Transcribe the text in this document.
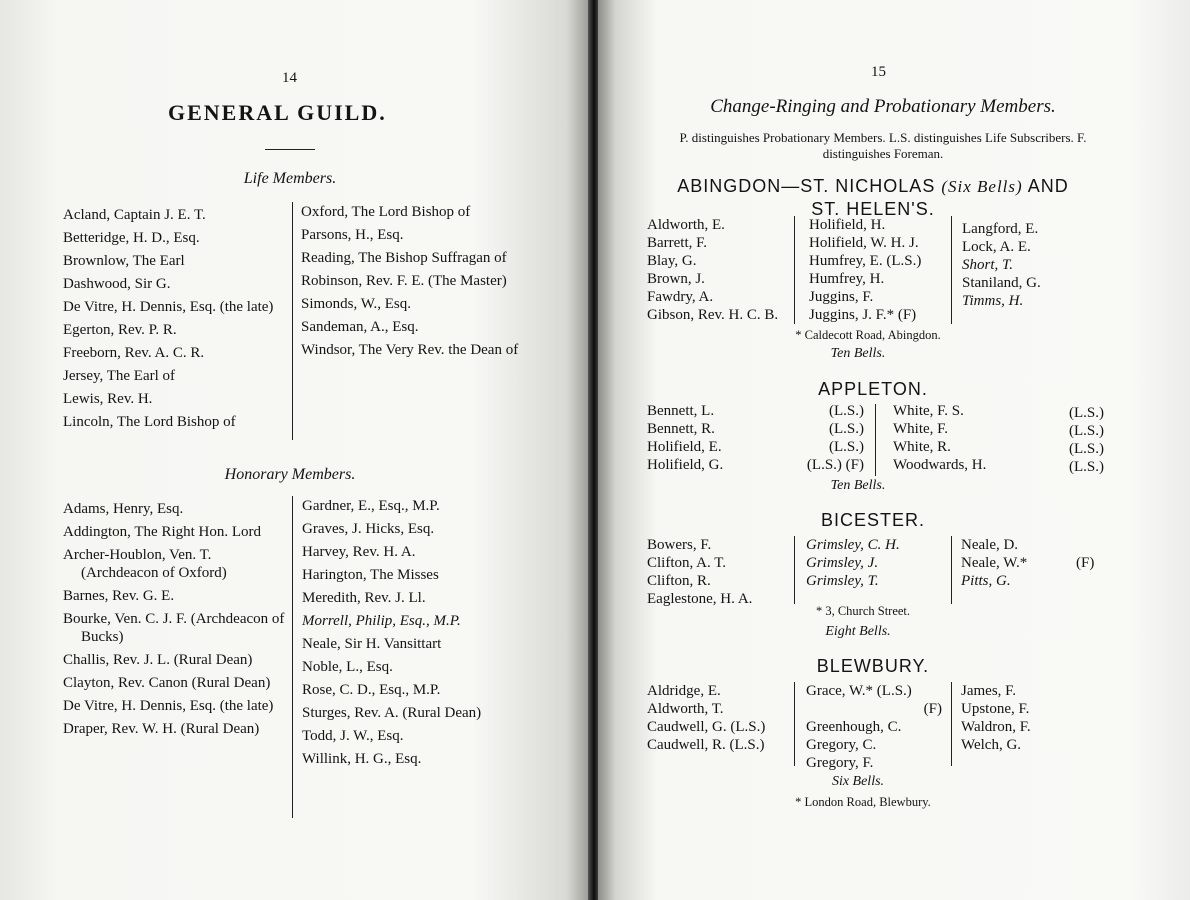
14
GENERAL GUILD.
Life Members.
Acland, Captain J. E. T.
Betteridge, H. D., Esq.
Brownlow, The Earl
Dashwood, Sir G.
De Vitre, H. Dennis, Esq. (the late)
Egerton, Rev. P. R.
Freeborn, Rev. A. C. R.
Jersey, The Earl of
Lewis, Rev. H.
Lincoln, The Lord Bishop of
Oxford, The Lord Bishop of
Parsons, H., Esq.
Reading, The Bishop Suffragan of
Robinson, Rev. F. E. (The Master)
Simonds, W., Esq.
Sandeman, A., Esq.
Windsor, The Very Rev. the Dean of
Honorary Members.
Adams, Henry, Esq.
Addington, The Right Hon. Lord
Archer-Houblon, Ven. T. (Archdeacon of Oxford)
Barnes, Rev. G. E.
Bourke, Ven. C. J. F. (Archdeacon of Bucks)
Challis, Rev. J. L. (Rural Dean)
Clayton, Rev. Canon (Rural Dean)
De Vitre, H. Dennis, Esq. (the late)
Draper, Rev. W. H. (Rural Dean)
Gardner, E., Esq., M.P.
Graves, J. Hicks, Esq.
Harvey, Rev. H. A.
Harington, The Misses
Meredith, Rev. J. Ll.
Morrell, Philip, Esq., M.P.
Neale, Sir H. Vansittart
Noble, L., Esq.
Rose, C. D., Esq., M.P.
Sturges, Rev. A. (Rural Dean)
Todd, J. W., Esq.
Willink, H. G., Esq.
15
Change-Ringing and Probationary Members.
P. distinguishes Probationary Members. L.S. distinguishes Life Subscribers. F. distinguishes Foreman.
ABINGDON—ST. NICHOLAS (Six Bells) AND
ST. HELEN'S.
Aldworth, E.
Barrett, F.
Blay, G.
Brown, J.
Fawdry, A.
Gibson, Rev. H. C. B.
Holifield, H.
Holifield, W. H. J.
Humfrey, E. (L.S.)
Humfrey, H.
Juggins, F.
Juggins, J. F.* (F)
Langford, E.
Lock, A. E.
Short, T.
Staniland, G.
Timms, H.
* Caldecott Road, Abingdon.
Ten Bells.
APPLETON.
Bennett, L.
Bennett, R.
Holifield, E.
Holifield, G.
(L.S.)
(L.S.)
(L.S.)
(L.S.) (F)
White, F. S.
White, F.
White, R.
Woodwards, H.
(L.S.)
(L.S.)
(L.S.)
(L.S.)
Ten Bells.
BICESTER.
Bowers, F.
Clifton, A. T.
Clifton, R.
Eaglestone, H. A.
Grimsley, C. H.
Grimsley, J.
Grimsley, T.
Neale, D.
Neale, W.*
Pitts, G.
(F)
* 3, Church Street.
Eight Bells.
BLEWBURY.
Aldridge, E.
Aldworth, T.
Caudwell, G. (L.S.)
Caudwell, R. (L.S.)
Grace, W.* (L.S.)
(F)
Greenhough, C.
Gregory, C.
Gregory, F.
James, F.
Upstone, F.
Waldron, F.
Welch, G.
Six Bells.
* London Road, Blewbury.
